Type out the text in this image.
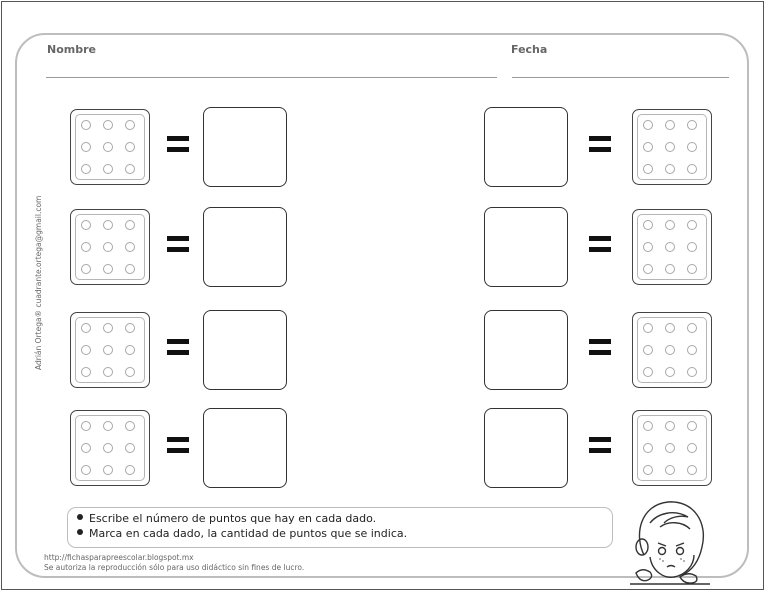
Nombre	Fecha
Adrián Ortega® cuadrante.ortega@gmail.com
Escribe el número de puntos que hay en cada dado.
Marca en cada dado, la cantidad de puntos que se indica.
http://fichasparapreescolar.blogspot.mx
Se autoriza la reproducción sólo para uso didáctico sin fines de lucro.
